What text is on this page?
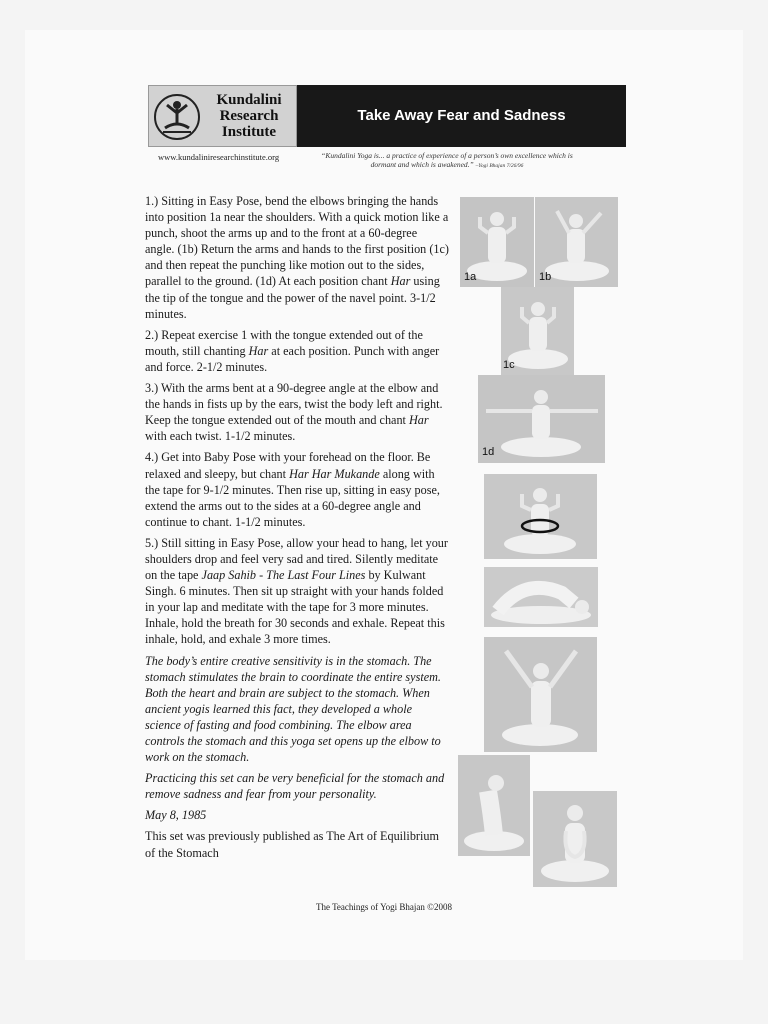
Kundalini
Research
Institute
Take Away Fear and Sadness
www.kundaliniresearchinstitute.org	“Kundalini Yoga is... a practice of experience of a person’s own excellence which is dormant and which is awakened.” –Yogi Bhajan 7/26/96

1.) Sitting in Easy Pose, bend the elbows bringing the hands into position 1a near the shoulders. With a quick motion like a punch, shoot the arms up and to the front at a 60-degree angle. (1b) Return the arms and hands to the first position (1c) and then repeat the punching like motion out to the sides, parallel to the ground. (1d) At each position chant Har using the tip of the tongue and the power of the navel point. 3-1/2 minutes.

2.) Repeat exercise 1 with the tongue extended out of the mouth, still chanting Har at each position. Punch with anger and force. 2-1/2 minutes.

3.) With the arms bent at a 90-degree angle at the elbow and the hands in fists up by the ears, twist the body left and right. Keep the tongue extended out of the mouth and chant Har with each twist. 1-1/2 minutes.

4.) Get into Baby Pose with your forehead on the floor. Be relaxed and sleepy, but chant Har Har Mukande along with the tape for 9-1/2 minutes. Then rise up, sitting in easy pose, extend the arms out to the sides at a 60-degree angle and continue to chant. 1-1/2 minutes.

5.) Still sitting in Easy Pose, allow your head to hang, let your shoulders drop and feel very sad and tired. Silently meditate on the tape Jaap Sahib - The Last Four Lines by Kulwant Singh. 6 minutes. Then sit up straight with your hands folded in your lap and meditate with the tape for 3 more minutes. Inhale, hold the breath for 30 seconds and exhale. Repeat this inhale, hold, and exhale 3 more times.

The body’s entire creative sensitivity is in the stomach. The stomach stimulates the brain to coordinate the entire system. Both the heart and brain are subject to the stomach. When ancient yogis learned this fact, they developed a whole science of fasting and food combining. The elbow area controls the stomach and this yoga set opens up the elbow to work on the stomach.

Practicing this set can be very beneficial for the stomach and remove sadness and fear from your personality.

May 8, 1985

This set was previously published as The Art of Equilibrium of the Stomach

1a	1b
1c
1d
The Teachings of Yogi Bhajan ©2008
